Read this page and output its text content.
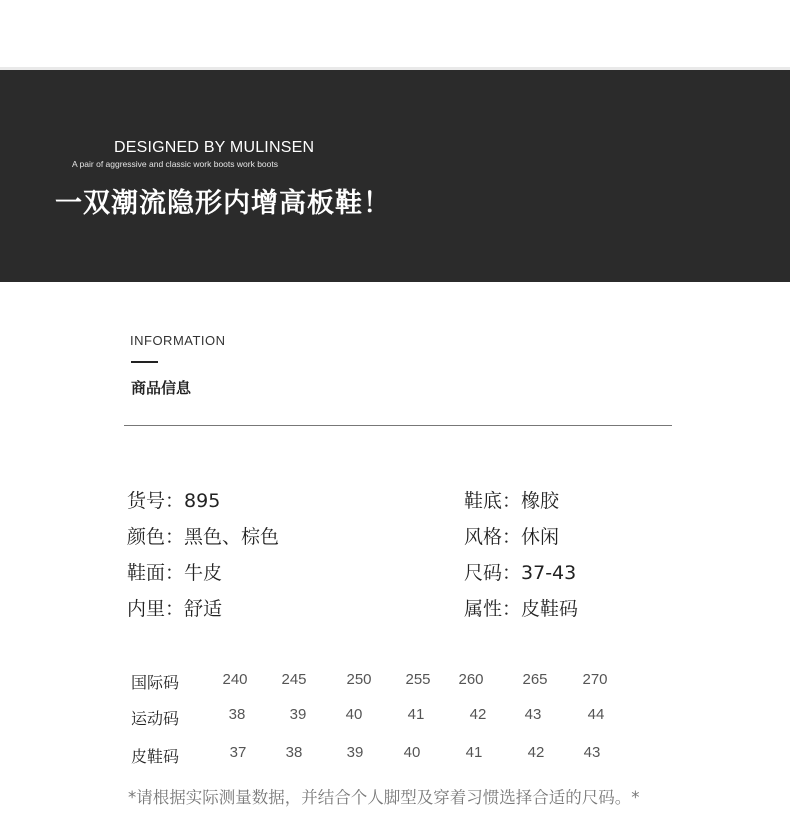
DESIGNED BY MULINSEN
A pair of aggressive and classic work boots work boots
一双潮流隐形内增高板鞋！
INFORMATION
商品信息
货号：895
颜色：黑色、棕色
鞋面：牛皮
内里：舒适
鞋底：橡胶
风格：休闲
尺码：37-43
属性：皮鞋码
国际码	240 245	250 255 260	265 270
运动码	38	39	40	41	42	43	44
皮鞋码	37	38	39	40	41	42	43
*请根据实际测量数据，并结合个人脚型及穿着习惯选择合适的尺码。*
